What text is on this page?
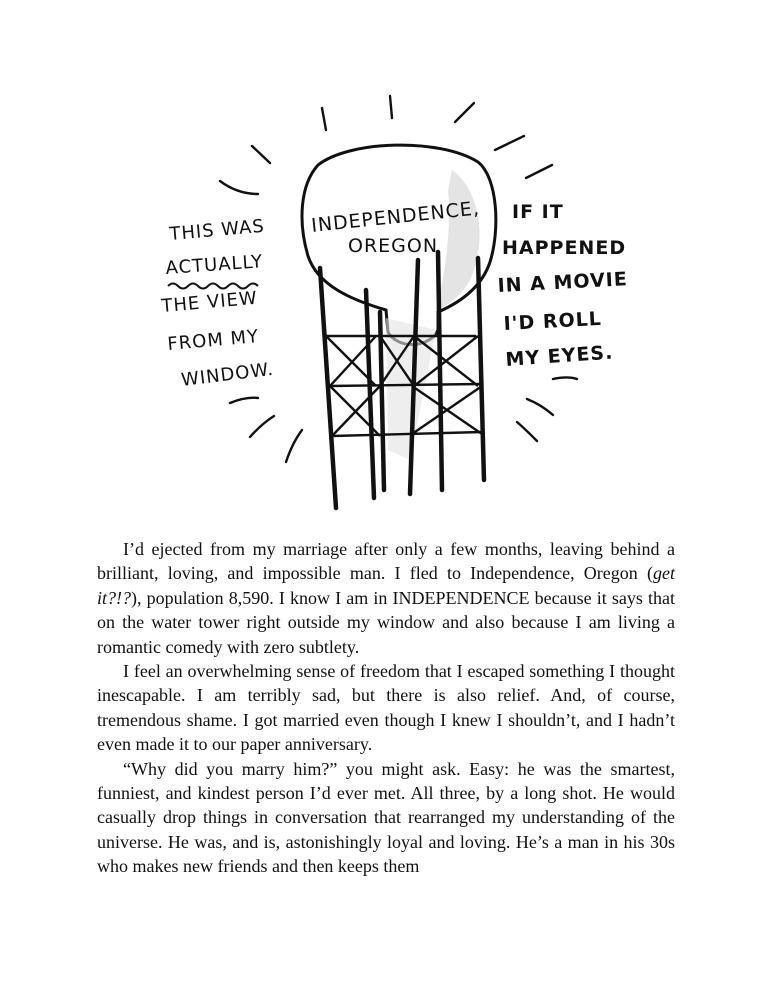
INDEPENDENCE,
OREGON
THIS WAS
ACTUALLY
THE VIEW
FROM MY
WINDOW.
IF IT
HAPPENED
IN A MOVIE
I'D ROLL
MY EYES.

I’d ejected from my marriage after only a few months, leaving behind a brilliant, loving, and impossible man. I fled to Independence, Oregon (get it?!?), population 8,590. I know I am in INDEPENDENCE because it says that on the water tower right outside my window and also because I am living a romantic comedy with zero subtlety.

I feel an overwhelming sense of freedom that I escaped something I thought inescapable. I am terribly sad, but there is also relief. And, of course, tremendous shame. I got married even though I knew I shouldn’t, and I hadn’t even made it to our paper anniversary.

“Why did you marry him?” you might ask. Easy: he was the smartest, funniest, and kindest person I’d ever met. All three, by a long shot. He would casually drop things in conversation that rearranged my understanding of the universe. He was, and is, astonishingly loyal and loving. He’s a man in his 30s who makes new friends and then keeps them
